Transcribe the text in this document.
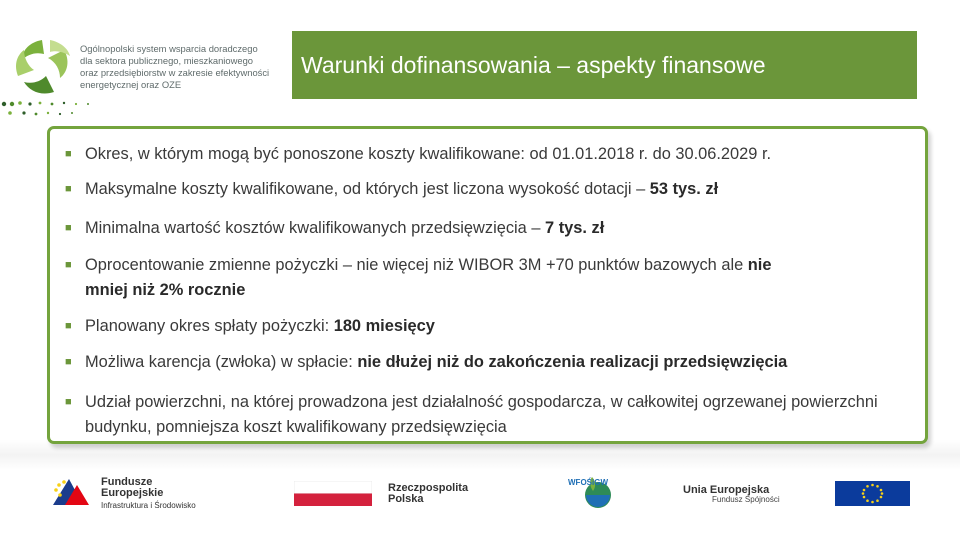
Ogólnopolski system wsparcia doradczego
dla sektora publicznego, mieszkaniowego
oraz przedsiębiorstw w zakresie efektywności
energetycznej oraz OZE
Warunki dofinansowania – aspekty finansowe
■ Okres, w którym mogą być ponoszone koszty kwalifikowane: od 01.01.2018 r. do 30.06.2029 r.
■ Maksymalne koszty kwalifikowane, od których jest liczona wysokość dotacji – 53 tys. zł
■ Minimalna wartość kosztów kwalifikowanych przedsięwzięcia – 7 tys. zł
■ Oprocentowanie zmienne pożyczki – nie więcej niż WIBOR 3M +70 punktów bazowych ale nie mniej niż 2% rocznie
■ Planowany okres spłaty pożyczki: 180 miesięcy
■ Możliwa karencja (zwłoka) w spłacie: nie dłużej niż do zakończenia realizacji przedsięwzięcia
■ Udział powierzchni, na której prowadzona jest działalność gospodarcza, w całkowitej ogrzewanej powierzchni budynku, pomniejsza koszt kwalifikowany przedsięwzięcia
Fundusze
Europejskie
Infrastruktura i Środowisko
Rzeczpospolita
Polska
WFOŚiGW
Unia Europejska
Fundusz Spójności
